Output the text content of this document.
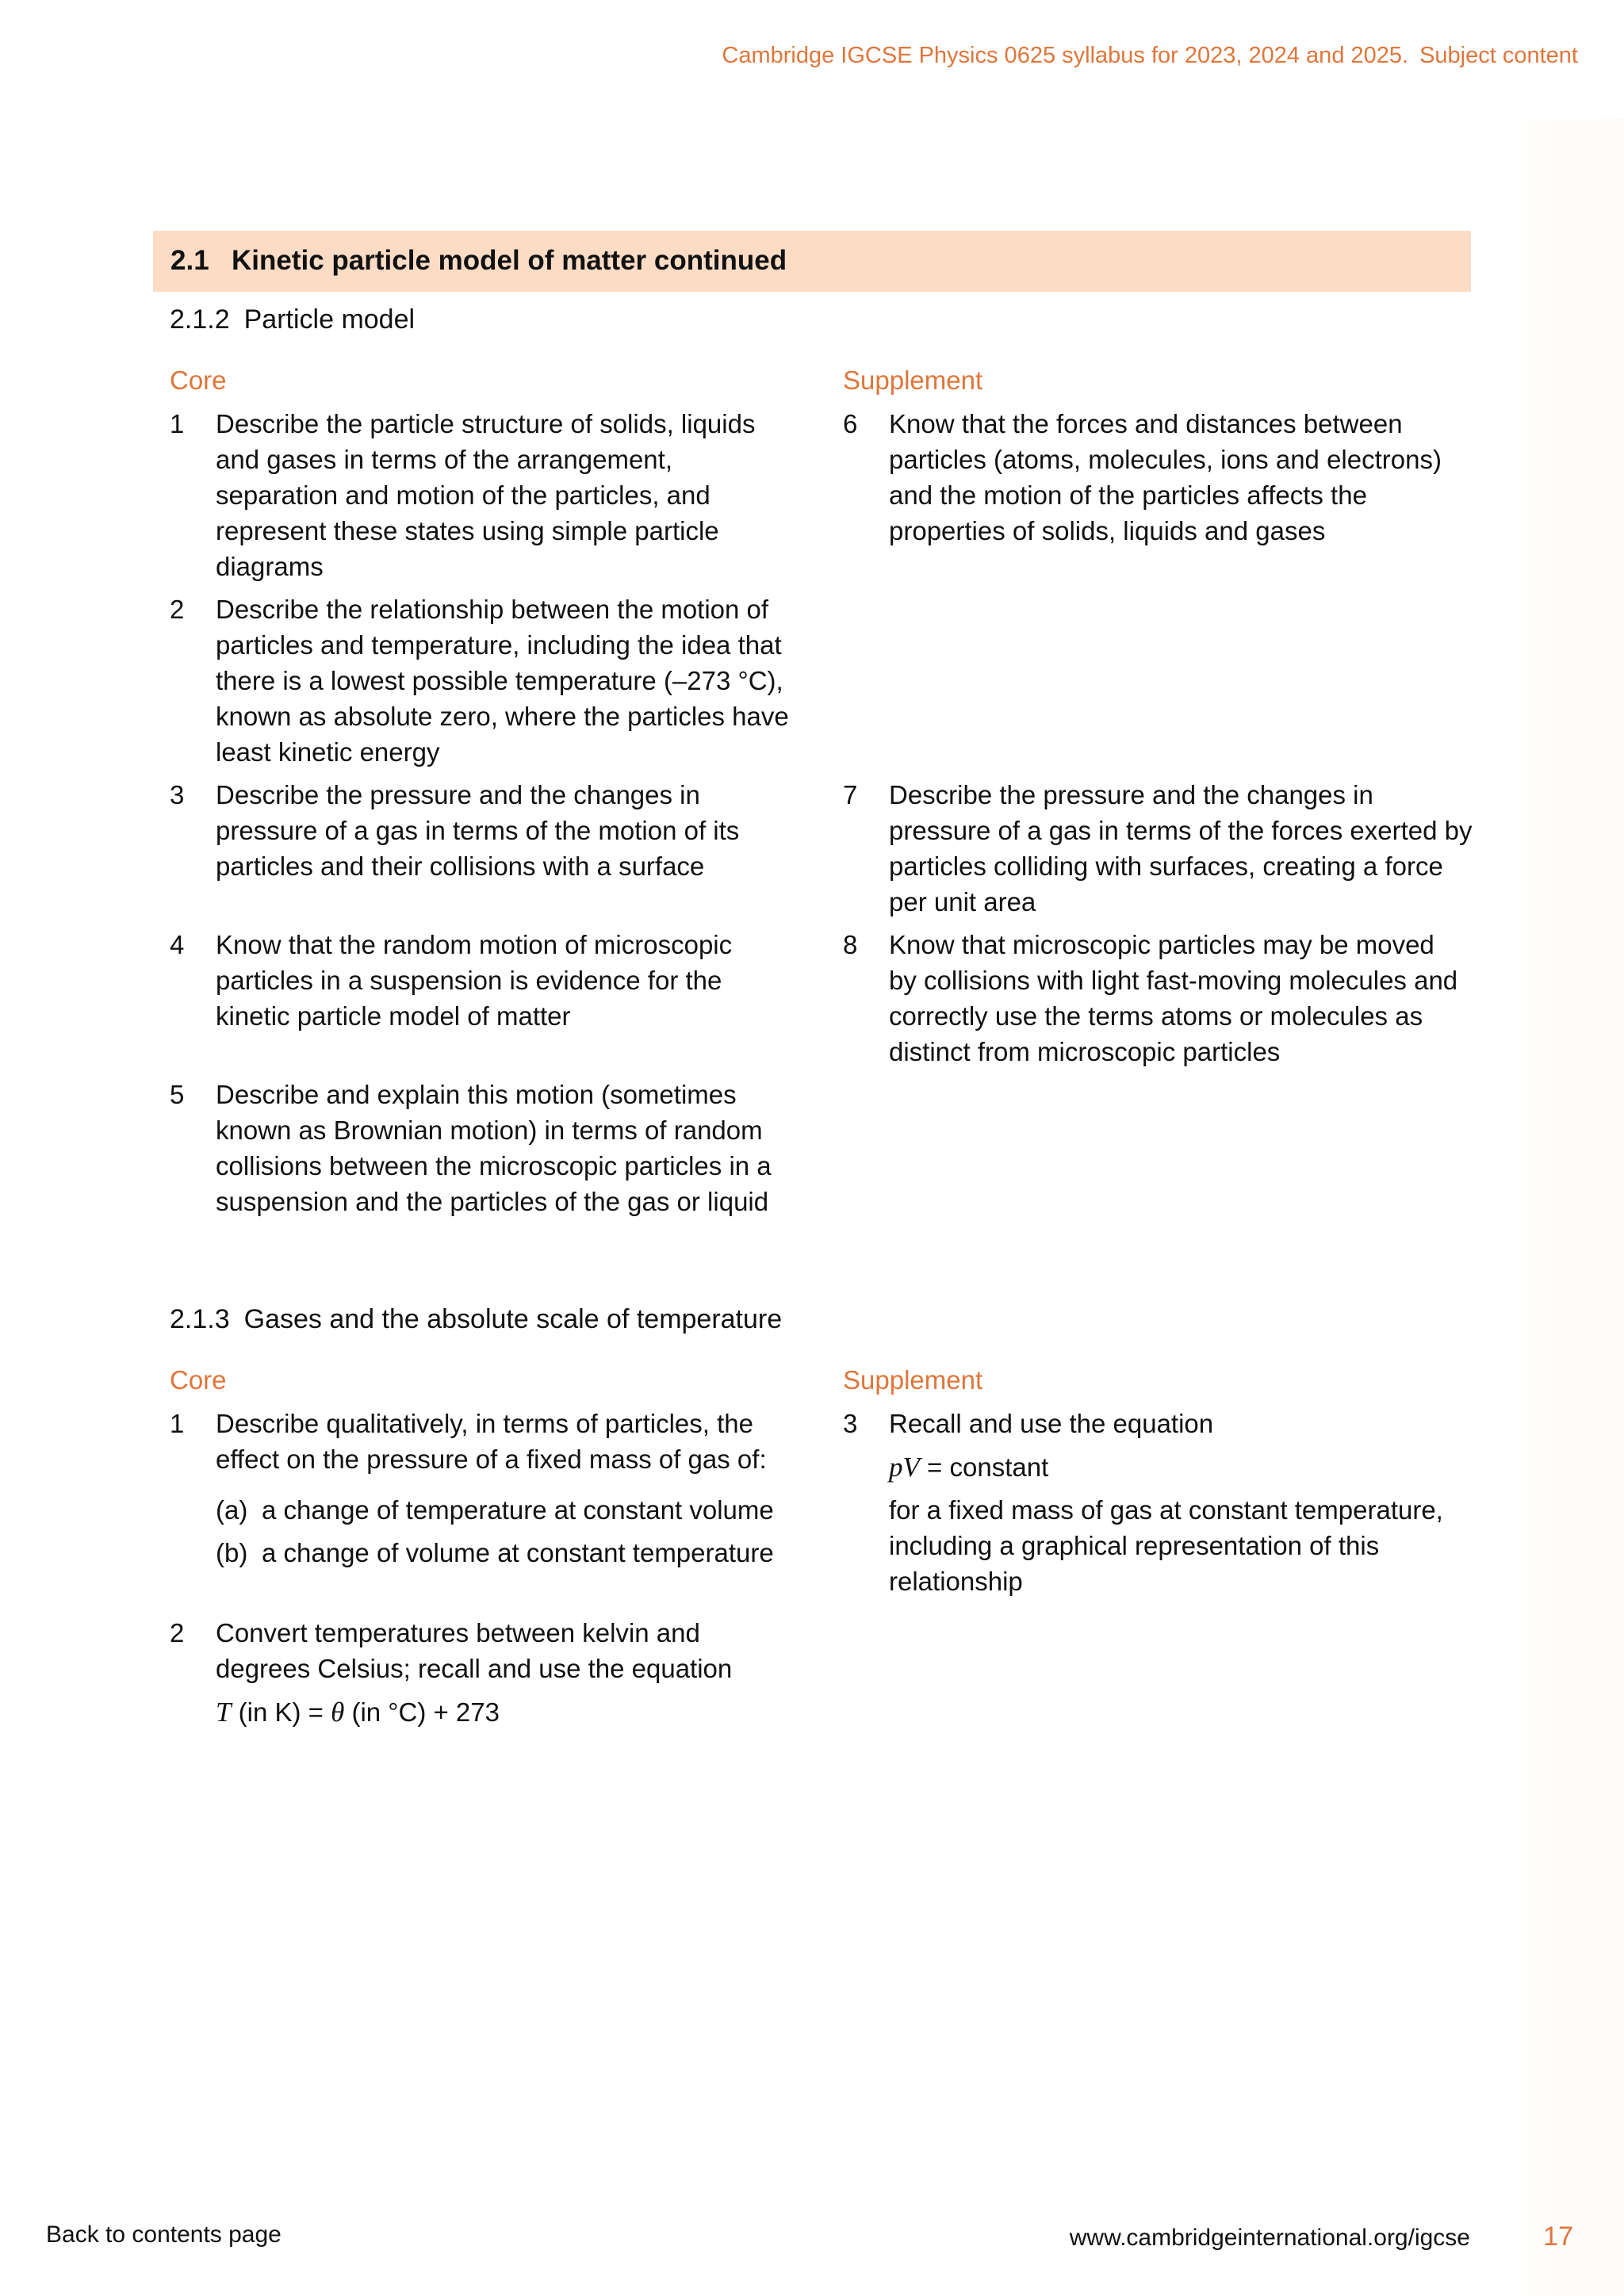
Cambridge IGCSE Physics 0625 syllabus for 2023, 2024 and 2025. Subject content
2.1 Kinetic particle model of matter continued
2.1.2 Particle model
Core	Supplement
1	Describe the particle structure of solids, liquids and gases in terms of the arrangement, separation and motion of the particles, and represent these states using simple particle diagrams
2	Describe the relationship between the motion of particles and temperature, including the idea that there is a lowest possible temperature (–273 °C), known as absolute zero, where the particles have least kinetic energy
3	Describe the pressure and the changes in pressure of a gas in terms of the motion of its particles and their collisions with a surface
4	Know that the random motion of microscopic particles in a suspension is evidence for the kinetic particle model of matter
5	Describe and explain this motion (sometimes known as Brownian motion) in terms of random collisions between the microscopic particles in a suspension and the particles of the gas or liquid
6	Know that the forces and distances between particles (atoms, molecules, ions and electrons) and the motion of the particles affects the properties of solids, liquids and gases
7	Describe the pressure and the changes in pressure of a gas in terms of the forces exerted by particles colliding with surfaces, creating a force per unit area
8	Know that microscopic particles may be moved by collisions with light fast-moving molecules and correctly use the terms atoms or molecules as distinct from microscopic particles
2.1.3 Gases and the absolute scale of temperature
Core	Supplement
1	Describe qualitatively, in terms of particles, the effect on the pressure of a fixed mass of gas of:
(a) a change of temperature at constant volume
(b) a change of volume at constant temperature
2	Convert temperatures between kelvin and degrees Celsius; recall and use the equation
T (in K) = θ (in °C) + 273
3	Recall and use the equation
pV = constant
for a fixed mass of gas at constant temperature, including a graphical representation of this relationship
Back to contents page	www.cambridgeinternational.org/igcse	17
